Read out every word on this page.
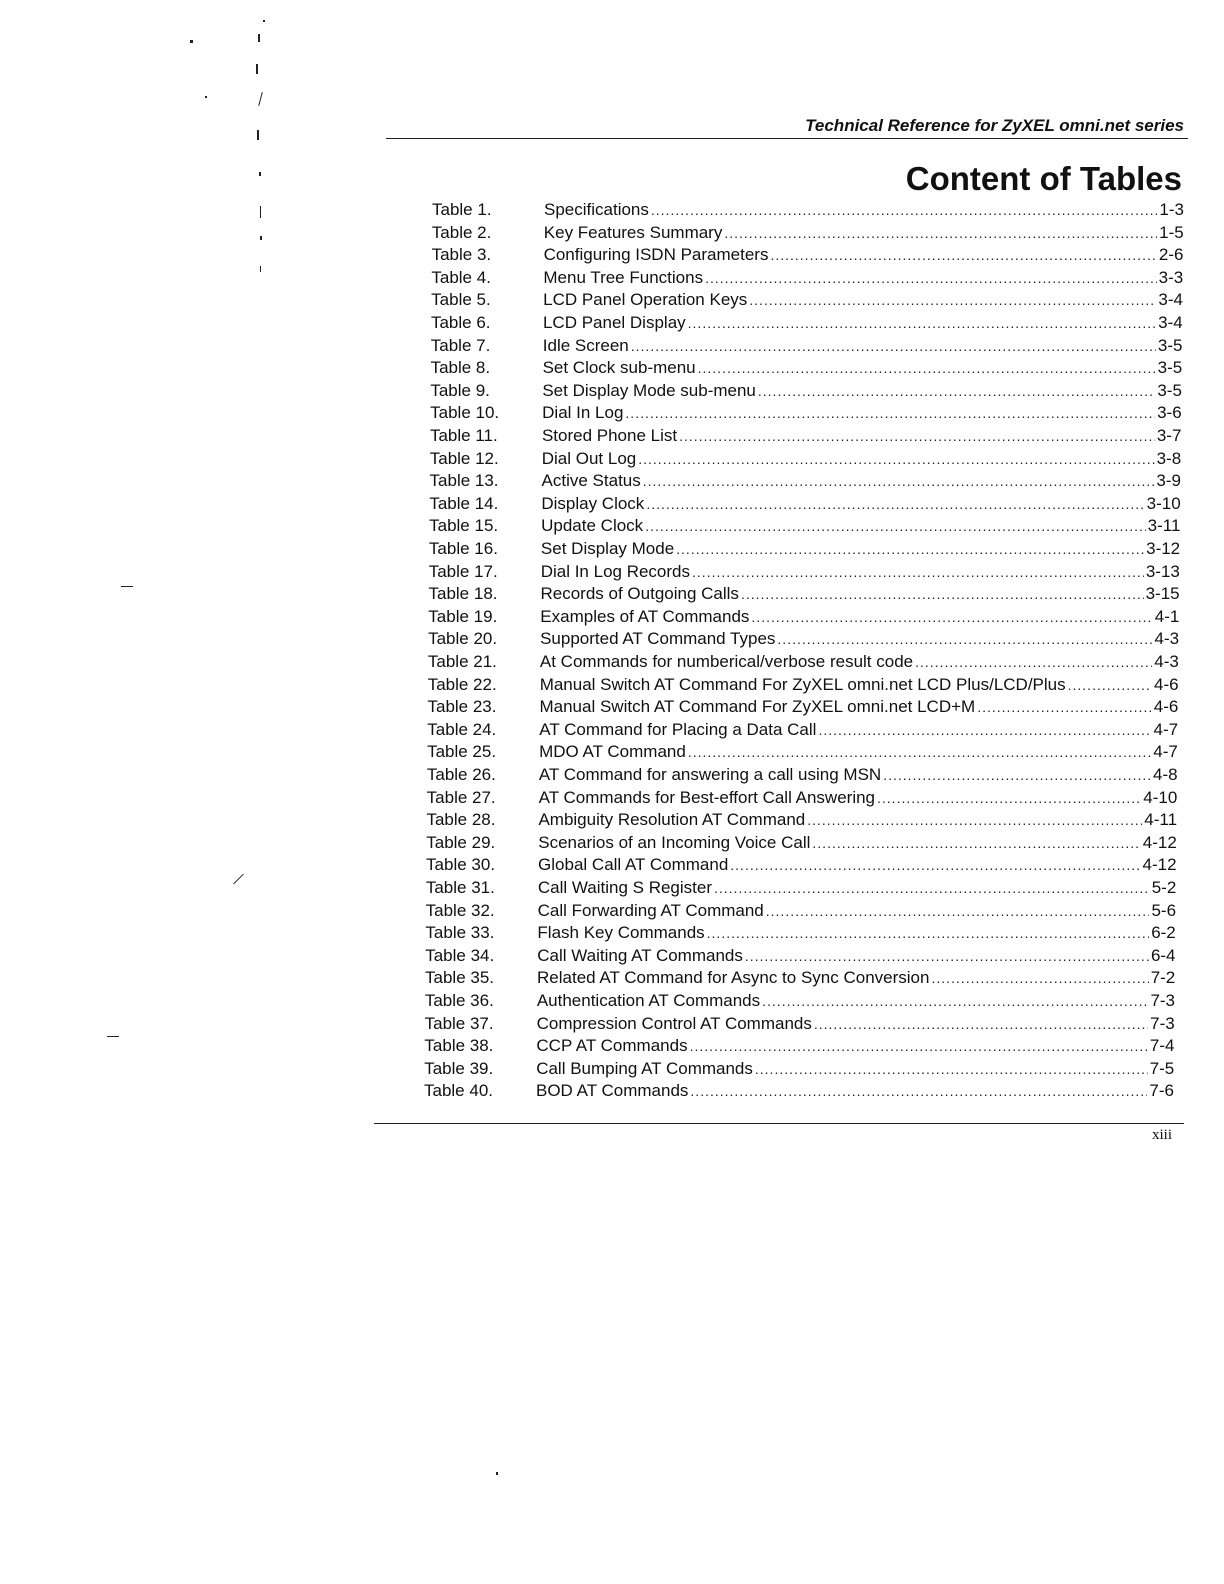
Technical Reference for ZyXEL omni.net series
Content of Tables
Table 1.	Specifications .....	1-3
Table 2.	Key Features Summary .....	1-5
Table 3.	Configuring ISDN Parameters .....	2-6
Table 4.	Menu Tree Functions .....	3-3
Table 5.	LCD Panel Operation Keys .....	3-4
Table 6.	LCD Panel Display .....	3-4
Table 7.	Idle Screen .....	3-5
Table 8.	Set Clock sub-menu .....	3-5
Table 9.	Set Display Mode sub-menu .....	3-5
Table 10.	Dial In Log .....	3-6
Table 11.	Stored Phone List .....	3-7
Table 12.	Dial Out Log .....	3-8
Table 13.	Active Status .....	3-9
Table 14.	Display Clock .....	3-10
Table 15.	Update Clock .....	3-11
Table 16.	Set Display Mode .....	3-12
Table 17.	Dial In Log Records .....	3-13
Table 18.	Records of Outgoing Calls .....	3-15
Table 19.	Examples of AT Commands .....	4-1
Table 20.	Supported AT Command Types .....	4-3
Table 21.	At Commands for numberical/verbose result code .....	4-3
Table 22.	Manual Switch AT Command For ZyXEL omni.net LCD Plus/LCD/Plus .....	4-6
Table 23.	Manual Switch AT Command For ZyXEL omni.net LCD+M .....	4-6
Table 24.	AT Command for Placing a Data Call .....	4-7
Table 25.	MDO AT Command .....	4-7
Table 26.	AT Command for answering a call using MSN .....	4-8
Table 27.	AT Commands for Best-effort Call Answering .....	4-10
Table 28.	Ambiguity Resolution AT Command .....	4-11
Table 29.	Scenarios of an Incoming Voice Call .....	4-12
Table 30.	Global Call AT Command .....	4-12
Table 31.	Call Waiting S Register .....	5-2
Table 32.	Call Forwarding AT Command .....	5-6
Table 33.	Flash Key Commands .....	6-2
Table 34.	Call Waiting AT Commands .....	6-4
Table 35.	Related AT Command for Async to Sync Conversion .....	7-2
Table 36.	Authentication AT Commands .....	7-3
Table 37.	Compression Control AT Commands .....	7-3
Table 38.	CCP AT Commands .....	7-4
Table 39.	Call Bumping AT Commands .....	7-5
Table 40.	BOD AT Commands .....	7-6
xiii
